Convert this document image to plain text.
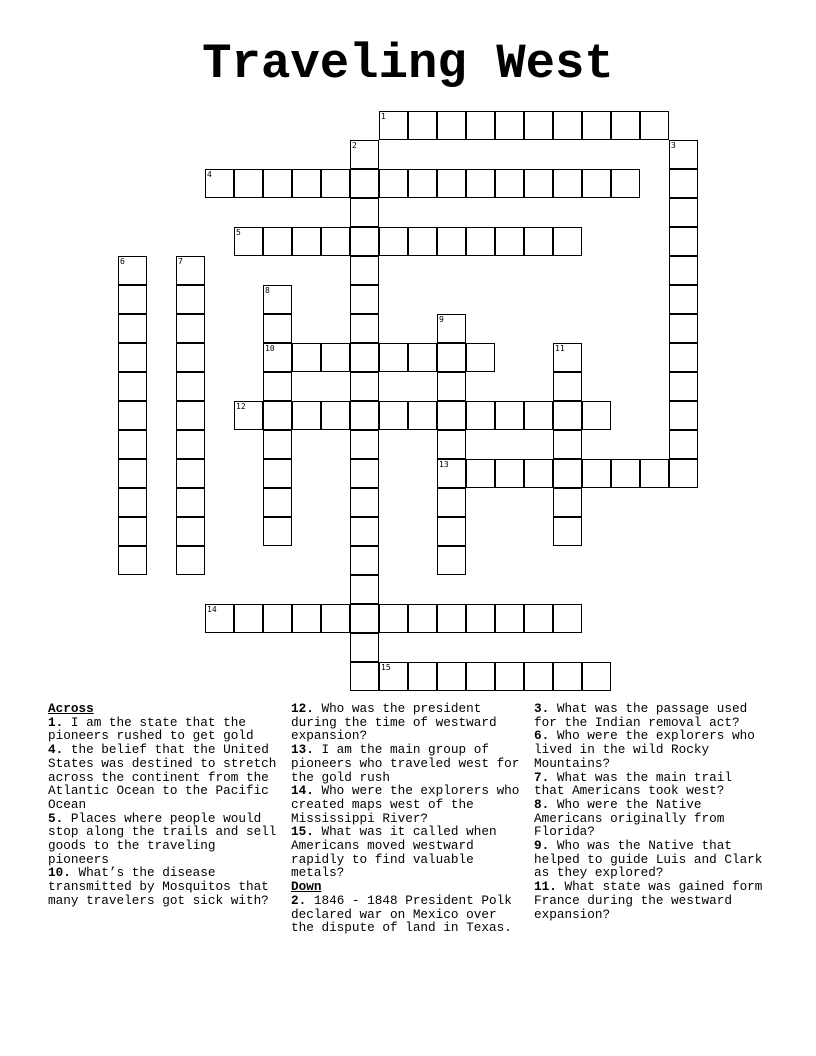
Traveling West
1
2	3
4
5
6	7
8
9
10	11
12
13
14
15
Across
1. I am the state that the pioneers rushed to get gold
4. the belief that the United States was destined to stretch across the continent from the Atlantic Ocean to the Pacific Ocean
5. Places where people would stop along the trails and sell goods to the traveling pioneers
10. What’s the disease transmitted by Mosquitos that many travelers got sick with?
12. Who was the president during the time of westward expansion?
13. I am the main group of pioneers who traveled west for the gold rush
14. Who were the explorers who created maps west of the Mississippi River?
15. What was it called when Americans moved westward rapidly to find valuable metals?
Down
2. 1846 - 1848 President Polk declared war on Mexico over the dispute of land in Texas.
3. What was the passage used for the Indian removal act?
6. Who were the explorers who lived in the wild Rocky Mountains?
7. What was the main trail that Americans took west?
8. Who were the Native Americans originally from Florida?
9. Who was the Native that helped to guide Luis and Clark as they explored?
11. What state was gained form France during the westward expansion?
